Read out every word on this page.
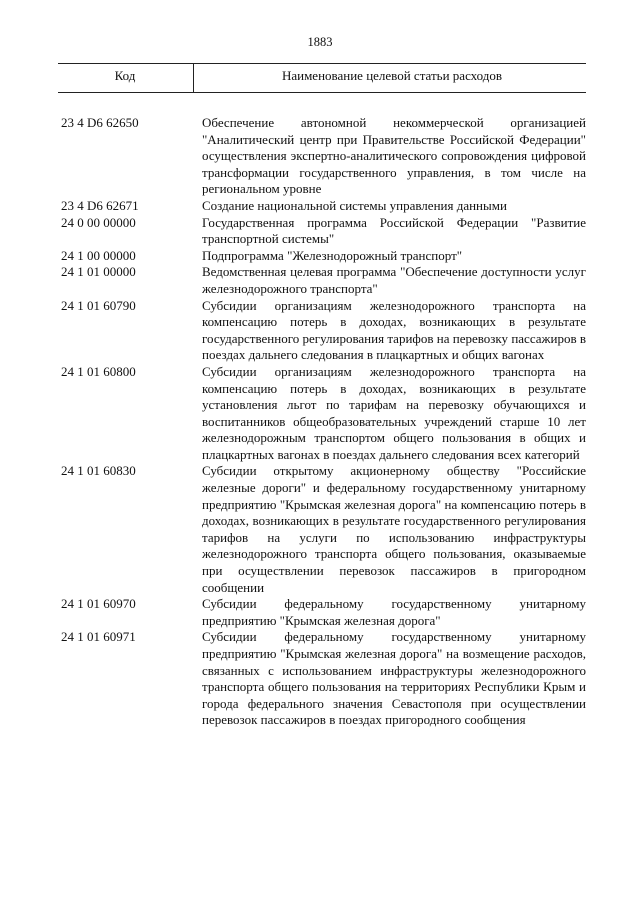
1883
Код	Наименование целевой статьи расходов
23 4 D6 62650	Обеспечение автономной некоммерческой организацией "Аналитический центр при Правительстве Российской Федерации" осуществления экспертно-аналитического сопровождения цифровой трансформации государственного управления, в том числе на региональном уровне
23 4 D6 62671	Создание национальной системы управления данными
24 0 00 00000	Государственная программа Российской Федерации "Развитие транспортной системы"
24 1 00 00000	Подпрограмма "Железнодорожный транспорт"
24 1 01 00000	Ведомственная целевая программа "Обеспечение доступности услуг железнодорожного транспорта"
24 1 01 60790	Субсидии организациям железнодорожного транспорта на компенсацию потерь в доходах, возникающих в результате государственного регулирования тарифов на перевозку пассажиров в поездах дальнего следования в плацкартных и общих вагонах
24 1 01 60800	Субсидии организациям железнодорожного транспорта на компенсацию потерь в доходах, возникающих в результате установления льгот по тарифам на перевозку обучающихся и воспитанников общеобразовательных учреждений старше 10 лет железнодорожным транспортом общего пользования в общих и плацкартных вагонах в поездах дальнего следования всех категорий
24 1 01 60830	Субсидии открытому акционерному обществу "Российские железные дороги" и федеральному государственному унитарному предприятию "Крымская железная дорога" на компенсацию потерь в доходах, возникающих в результате государственного регулирования тарифов на услуги по использованию инфраструктуры железнодорожного транспорта общего пользования, оказываемые при осуществлении перевозок пассажиров в пригородном сообщении
24 1 01 60970	Субсидии федеральному государственному унитарному предприятию "Крымская железная дорога"
24 1 01 60971	Субсидии федеральному государственному унитарному предприятию "Крымская железная дорога" на возмещение расходов, связанных с использованием инфраструктуры железнодорожного транспорта общего пользования на территориях Республики Крым и города федерального значения Севастополя при осуществлении перевозок пассажиров в поездах пригородного сообщения
